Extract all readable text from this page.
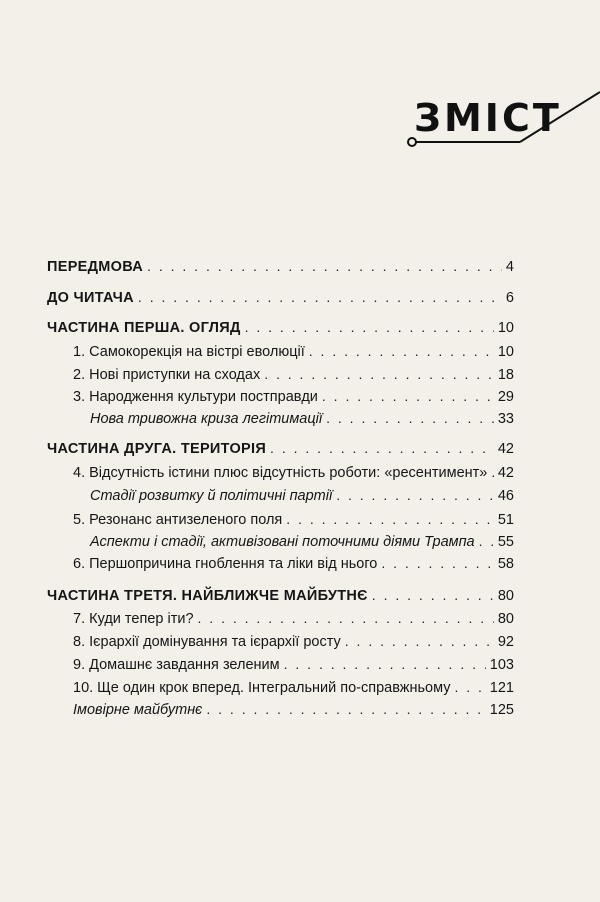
ЗМІСТ
ПЕРЕДМОВА . . .	4
ДО ЧИТАЧА . . .	6
ЧАСТИНА ПЕРША. ОГЛЯД . . .	10
1. Самокорекція на вістрі еволюції . . .	10
2. Нові приступки на сходах . . .	18
3. Народження культури постправди . . .	29
Нова тривожна криза легітимації . . .	33
ЧАСТИНА ДРУГА. ТЕРИТОРІЯ . . .	42
4. Відсутність істини плюс відсутність роботи: «ресентимент» . . . 42
Стадії розвитку й політичні партії . . .	46
5. Резонанс антизеленого поля . . .	51
Аспекти і стадії, активізовані поточними діями Трампа . . . 55
6. Першопричина гноблення та ліки від нього . . .	58
ЧАСТИНА ТРЕТЯ. НАЙБЛИЖЧЕ МАЙБУТНЄ . . .	80
7. Куди тепер іти? . . .	80
8. Ієрархії домінування та ієрархії росту . . .	92
9. Домашнє завдання зеленим . . .	103
10. Ще один крок вперед. Інтегральний по-справжньому . . .	121
Імовірне майбутнє . . .	125
